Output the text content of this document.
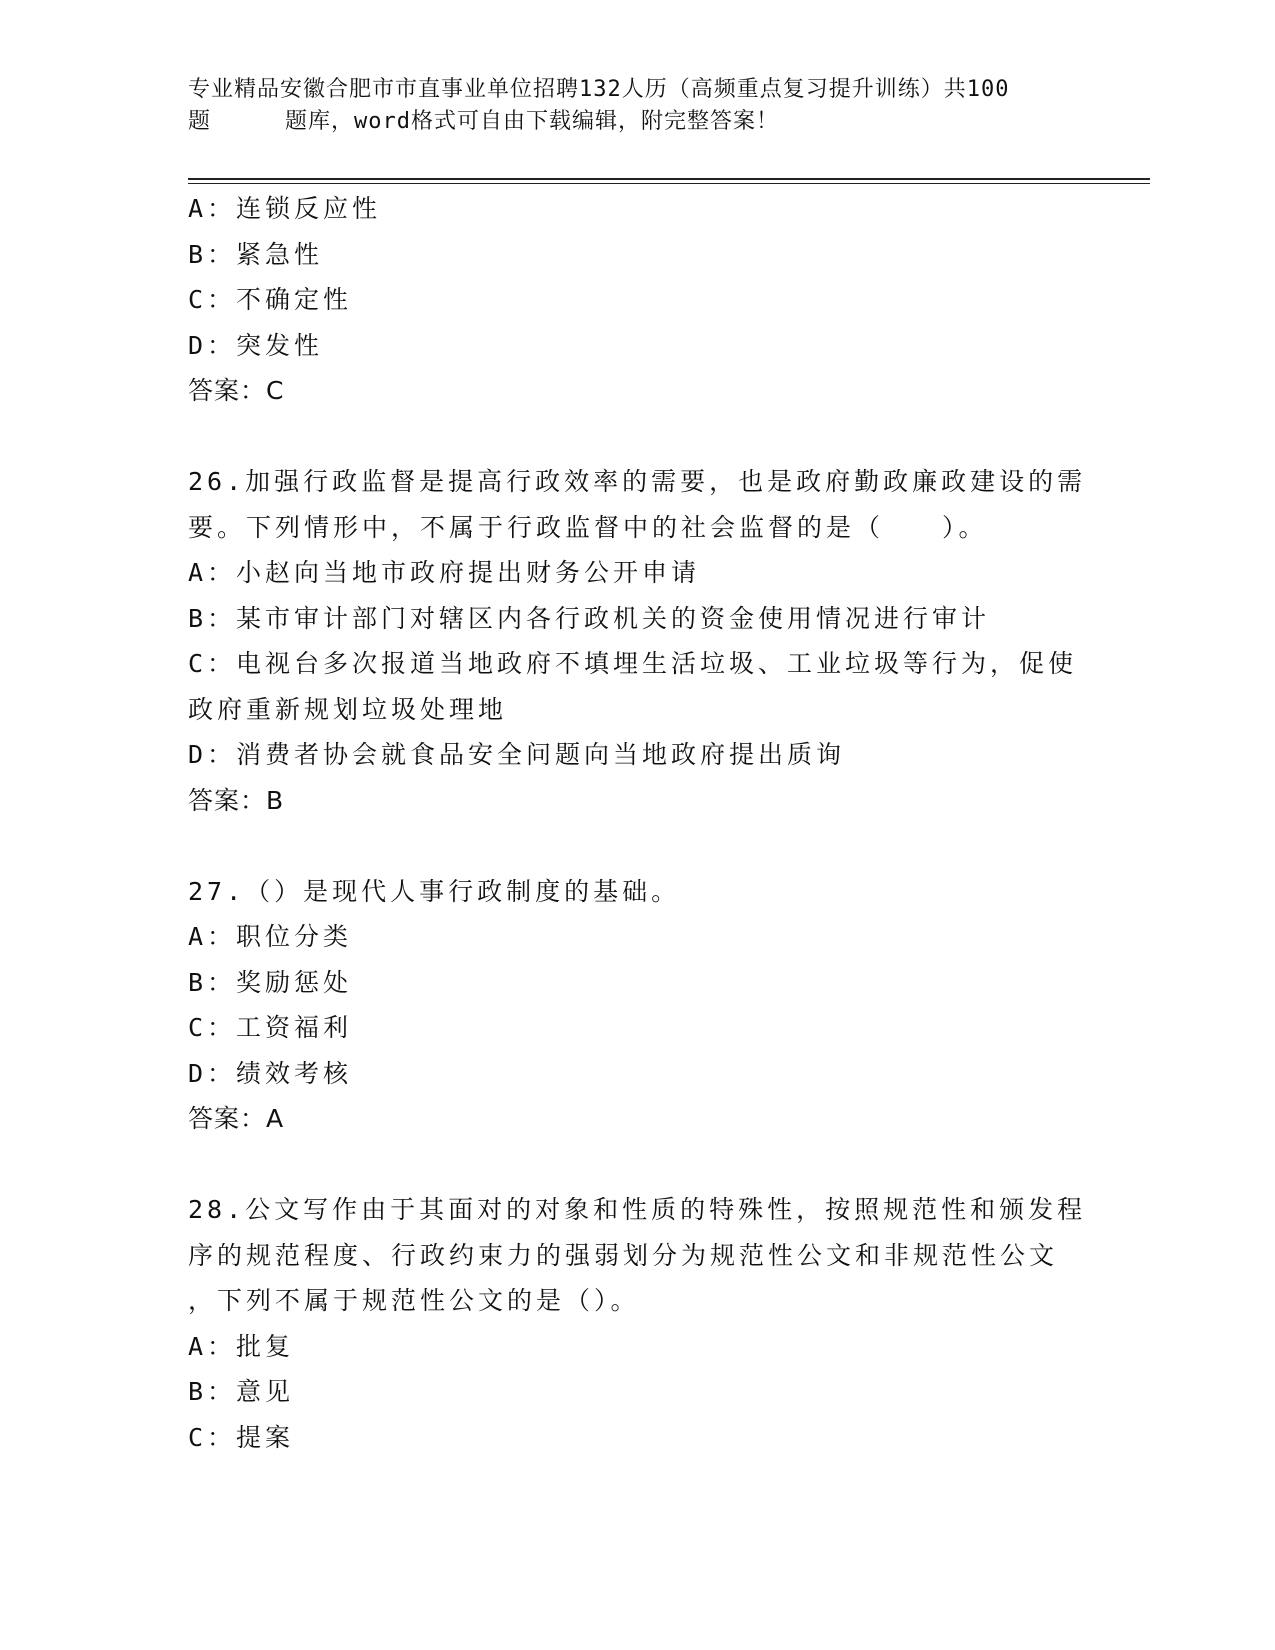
专业精品安徽合肥市市直事业单位招聘132人历（高频重点复习提升训练）共100
题	题库，word格式可自由下载编辑，附完整答案！
A：连锁反应性
B：紧急性
C：不确定性
D：突发性
答案：C
26.加强行政监督是提高行政效率的需要，也是政府勤政廉政建设的需
要。下列情形中，不属于行政监督中的社会监督的是（　　）。
A：小赵向当地市政府提出财务公开申请
B：某市审计部门对辖区内各行政机关的资金使用情况进行审计
C：电视台多次报道当地政府不填埋生活垃圾、工业垃圾等行为，促使
政府重新规划垃圾处理地
D：消费者协会就食品安全问题向当地政府提出质询
答案：B
27.（）是现代人事行政制度的基础。
A：职位分类
B：奖励惩处
C：工资福利
D：绩效考核
答案：A
28.公文写作由于其面对的对象和性质的特殊性，按照规范性和颁发程
序的规范程度、行政约束力的强弱划分为规范性公文和非规范性公文
，下列不属于规范性公文的是（）。
A：批复
B：意见
C：提案
